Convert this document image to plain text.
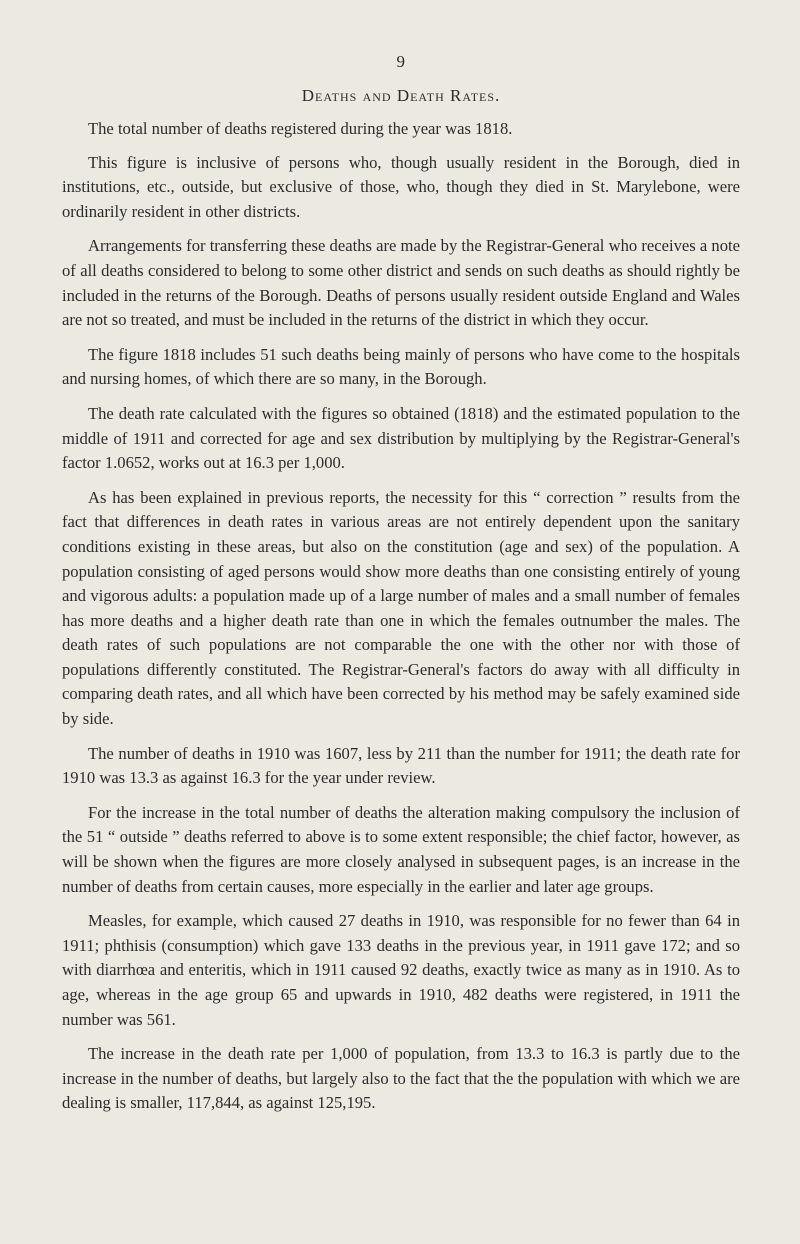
9
Deaths and Death Rates.

The total number of deaths registered during the year was 1818.

This figure is inclusive of persons who, though usually resident in the Borough, died in institutions, etc., outside, but exclusive of those, who, though they died in St. Marylebone, were ordinarily resident in other districts.

Arrangements for transferring these deaths are made by the Registrar-General who receives a note of all deaths considered to belong to some other district and sends on such deaths as should rightly be included in the returns of the Borough. Deaths of persons usually resident outside England and Wales are not so treated, and must be included in the returns of the district in which they occur.

The figure 1818 includes 51 such deaths being mainly of persons who have come to the hospitals and nursing homes, of which there are so many, in the Borough.

The death rate calculated with the figures so obtained (1818) and the estimated population to the middle of 1911 and corrected for age and sex distribution by multiplying by the Registrar-General's factor 1.0652, works out at 16.3 per 1,000.

As has been explained in previous reports, the necessity for this “ correction ” results from the fact that differences in death rates in various areas are not entirely dependent upon the sanitary conditions existing in these areas, but also on the constitution (age and sex) of the population. A population consisting of aged persons would show more deaths than one consisting entirely of young and vigorous adults: a population made up of a large number of males and a small number of females has more deaths and a higher death rate than one in which the females outnumber the males. The death rates of such populations are not comparable the one with the other nor with those of populations differently constituted. The Registrar-General's factors do away with all difficulty in comparing death rates, and all which have been corrected by his method may be safely examined side by side.

The number of deaths in 1910 was 1607, less by 211 than the number for 1911; the death rate for 1910 was 13.3 as against 16.3 for the year under review.

For the increase in the total number of deaths the alteration making compulsory the inclusion of the 51 “ outside ” deaths referred to above is to some extent responsible; the chief factor, however, as will be shown when the figures are more closely analysed in subsequent pages, is an increase in the number of deaths from certain causes, more especially in the earlier and later age groups.

Measles, for example, which caused 27 deaths in 1910, was responsible for no fewer than 64 in 1911; phthisis (consumption) which gave 133 deaths in the previous year, in 1911 gave 172; and so with diarrhœa and enteritis, which in 1911 caused 92 deaths, exactly twice as many as in 1910. As to age, whereas in the age group 65 and upwards in 1910, 482 deaths were registered, in 1911 the number was 561.

The increase in the death rate per 1,000 of population, from 13.3 to 16.3 is partly due to the increase in the number of deaths, but largely also to the fact that the the population with which we are dealing is smaller, 117,844, as against 125,195.
